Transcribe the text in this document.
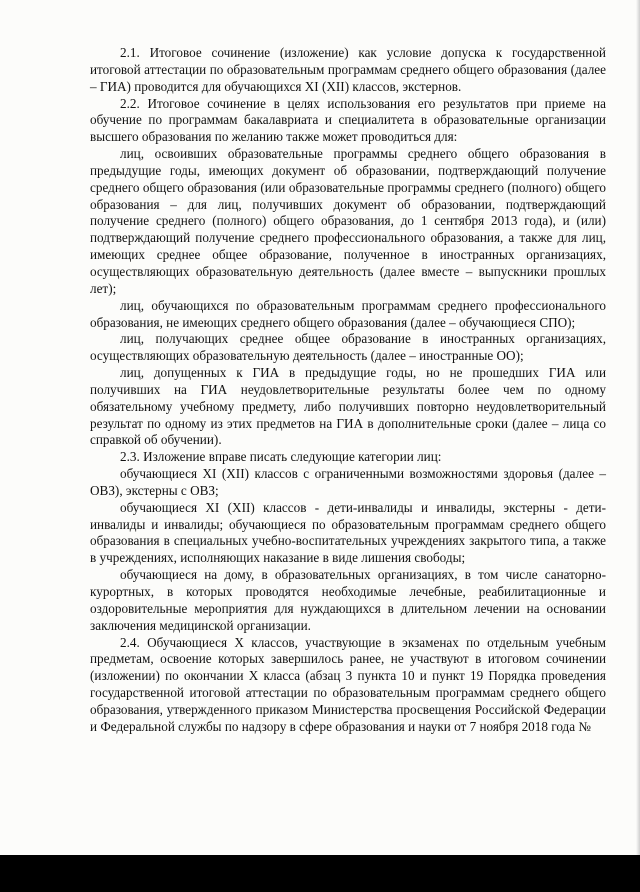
2.1. Итоговое сочинение (изложение) как условие допуска к государственной итоговой аттестации по образовательным программам среднего общего образования (далее – ГИА) проводится для обучающихся XI (XII) классов, экстернов.

2.2. Итоговое сочинение в целях использования его результатов при приеме на обучение по программам бакалавриата и специалитета в образовательные организации высшего образования по желанию также может проводиться для:

лиц, освоивших образовательные программы среднего общего образования в предыдущие годы, имеющих документ об образовании, подтверждающий получение среднего общего образования (или образовательные программы среднего (полного) общего образования – для лиц, получивших документ об образовании, подтверждающий получение среднего (полного) общего образования, до 1 сентября 2013 года), и (или) подтверждающий получение среднего профессионального образования, а также для лиц, имеющих среднее общее образование, полученное в иностранных организациях, осуществляющих образовательную деятельность (далее вместе – выпускники прошлых лет);

лиц, обучающихся по образовательным программам среднего профессионального образования, не имеющих среднего общего образования (далее – обучающиеся СПО);

лиц, получающих среднее общее образование в иностранных организациях, осуществляющих образовательную деятельность (далее – иностранные ОО);

лиц, допущенных к ГИА в предыдущие годы, но не прошедших ГИА или получивших на ГИА неудовлетворительные результаты более чем по одному обязательному учебному предмету, либо получивших повторно неудовлетворительный результат по одному из этих предметов на ГИА в дополнительные сроки (далее – лица со справкой об обучении).

2.3. Изложение вправе писать следующие категории лиц:

обучающиеся XI (XII) классов с ограниченными возможностями здоровья (далее – ОВЗ), экстерны с ОВЗ;

обучающиеся XI (XII) классов - дети-инвалиды и инвалиды, экстерны - дети-инвалиды и инвалиды; обучающиеся по образовательным программам среднего общего образования в специальных учебно-воспитательных учреждениях закрытого типа, а также в учреждениях, исполняющих наказание в виде лишения свободы;

обучающиеся на дому, в образовательных организациях, в том числе санаторно-курортных, в которых проводятся необходимые лечебные, реабилитационные и оздоровительные мероприятия для нуждающихся в длительном лечении на основании заключения медицинской организации.

2.4. Обучающиеся X классов, участвующие в экзаменах по отдельным учебным предметам, освоение которых завершилось ранее, не участвуют в итоговом сочинении (изложении) по окончании X класса (абзац 3 пункта 10 и пункт 19 Порядка проведения государственной итоговой аттестации по образовательным программам среднего общего образования, утвержденного приказом Министерства просвещения Российской Федерации и Федеральной службы по надзору в сфере образования и науки от 7 ноября 2018 года №
